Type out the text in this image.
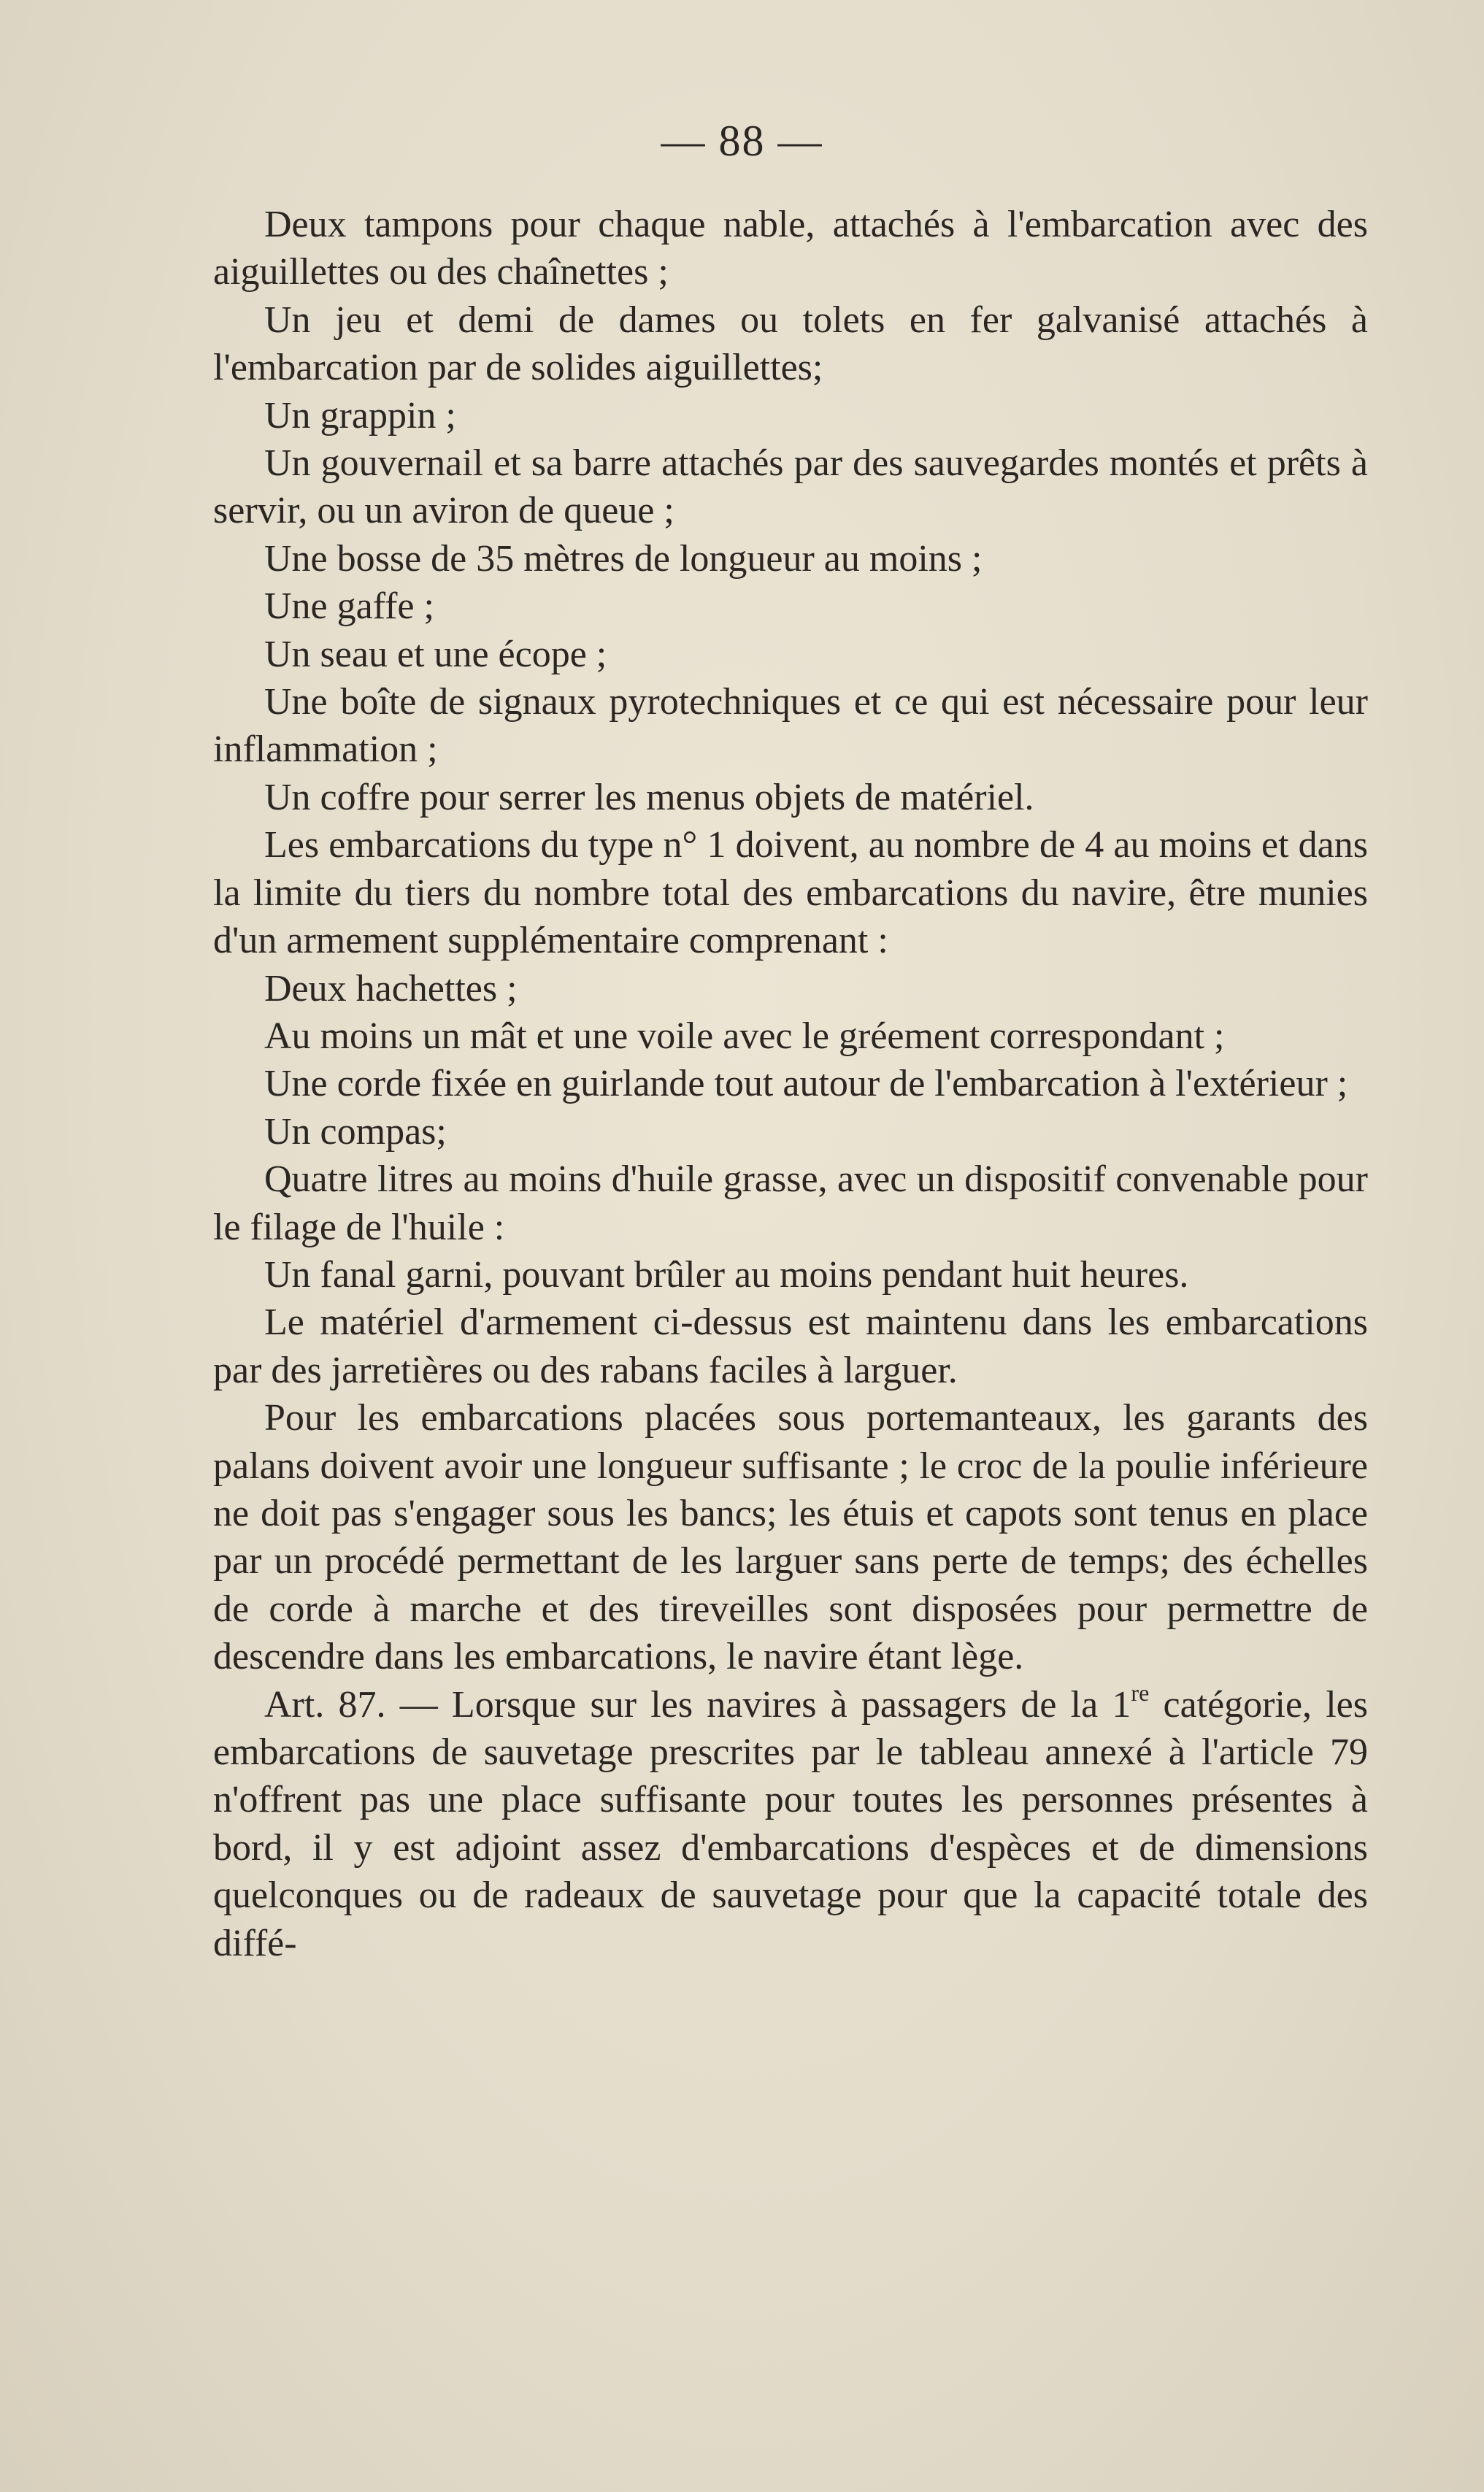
— 88 —

Deux tampons pour chaque nable, attachés à l'embarcation avec des aiguillettes ou des chaînettes ;

Un jeu et demi de dames ou tolets en fer galvanisé attachés à l'embarcation par de solides aiguillettes;

Un grappin ;

Un gouvernail et sa barre attachés par des sauvegardes montés et prêts à servir, ou un aviron de queue ;

Une bosse de 35 mètres de longueur au moins ;

Une gaffe ;

Un seau et une écope ;

Une boîte de signaux pyrotechniques et ce qui est nécessaire pour leur inflammation ;

Un coffre pour serrer les menus objets de matériel.

Les embarcations du type n° 1 doivent, au nombre de 4 au moins et dans la limite du tiers du nombre total des embarcations du navire, être munies d'un armement supplémentaire comprenant :

Deux hachettes ;

Au moins un mât et une voile avec le gréement correspondant ;

Une corde fixée en guirlande tout autour de l'embarcation à l'extérieur ;

Un compas;

Quatre litres au moins d'huile grasse, avec un dispositif convenable pour le filage de l'huile :

Un fanal garni, pouvant brûler au moins pendant huit heures.

Le matériel d'armement ci-dessus est maintenu dans les embarcations par des jarretières ou des rabans faciles à larguer.

Pour les embarcations placées sous portemanteaux, les garants des palans doivent avoir une longueur suffisante ; le croc de la poulie inférieure ne doit pas s'engager sous les bancs; les étuis et capots sont tenus en place par un procédé permettant de les larguer sans perte de temps; des échelles de corde à marche et des tireveilles sont disposées pour permettre de descendre dans les embarcations, le navire étant lège.

Art. 87. — Lorsque sur les navires à passagers de la 1re catégorie, les embarcations de sauvetage prescrites par le tableau annexé à l'article 79 n'offrent pas une place suffisante pour toutes les personnes présentes à bord, il y est adjoint assez d'embarcations d'espèces et de dimensions quelconques ou de radeaux de sauvetage pour que la capacité totale des diffé-
